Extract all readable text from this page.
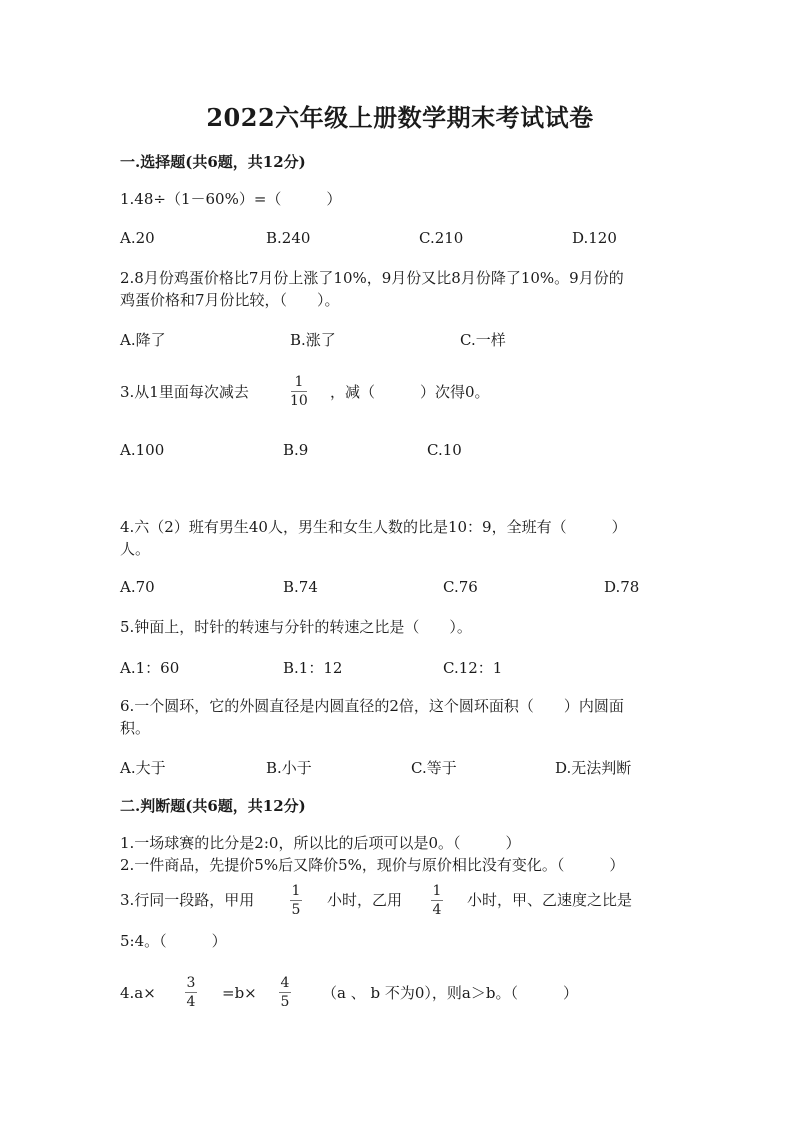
2022六年级上册数学期末考试试卷
一.选择题(共6题，共12分)
1.48÷（1－60%）=（　　　）
A.20	B.240	C.210	D.120
2.8月份鸡蛋价格比7月份上涨了10%，9月份又比8月份降了10%。9月份的
鸡蛋价格和7月份比较，（　　）。
A.降了	B.涨了	C.一样
3.从1里面每次减去
1
10 ，减（　　　）次得0。
A.100	B.9	C.10
4.六（2）班有男生40人，男生和女生人数的比是10：9，全班有（　　　）
人。
A.70	B.74	C.76	D.78
5.钟面上，时针的转速与分针的转速之比是（　　）。
A.1：60	B.1：12	C.12：1
6.一个圆环，它的外圆直径是内圆直径的2倍，这个圆环面积（　　）内圆面
积。
A.大于	B.小于	C.等于	D.无法判断
二.判断题(共6题，共12分)
1.一场球赛的比分是2:0，所以比的后项可以是0。（　　　）
2.一件商品，先提价5%后又降价5%，现价与原价相比没有变化。（　　　）
3.行同一段路，甲用	1
5
小时，乙用 1
4
小时，甲、乙速度之比是
5:4。（　　　）
4.a×
3
4 =b×
4
5 （a 、 b 不为0），则a＞b。（　　　）
